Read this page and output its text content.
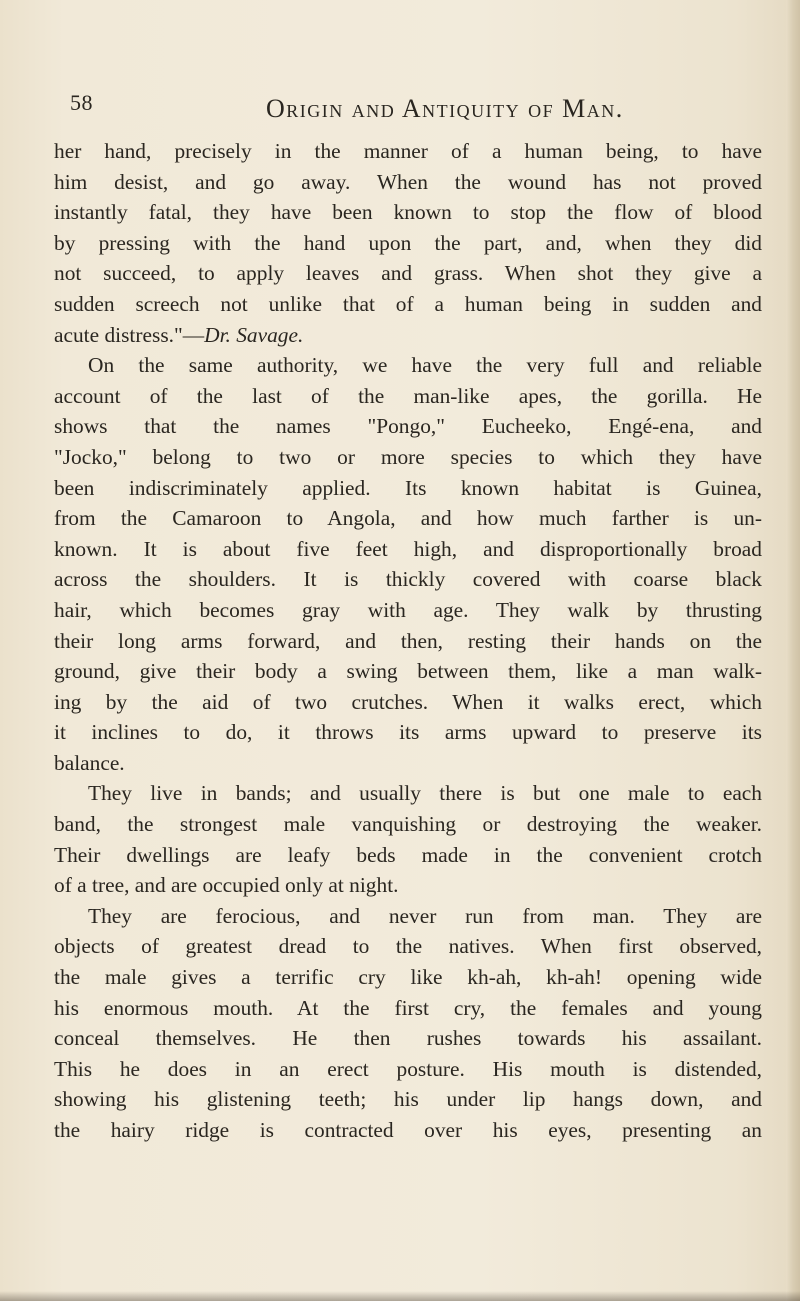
58	Origin and Antiquity of Man.
her hand, precisely in the manner of a human being, to have
him desist, and go away. When the wound has not proved
instantly fatal, they have been known to stop the flow of blood
by pressing with the hand upon the part, and, when they did
not succeed, to apply leaves and grass. When shot they give a
sudden screech not unlike that of a human being in sudden and
acute distress."—Dr. Savage.
On the same authority, we have the very full and reliable
account of the last of the man-like apes, the gorilla. He
shows that the names "Pongo," Eucheeko, Engé-ena, and
"Jocko," belong to two or more species to which they have
been indiscriminately applied. Its known habitat is Guinea,
from the Camaroon to Angola, and how much farther is un-
known. It is about five feet high, and disproportionally broad
across the shoulders. It is thickly covered with coarse black
hair, which becomes gray with age. They walk by thrusting
their long arms forward, and then, resting their hands on the
ground, give their body a swing between them, like a man walk-
ing by the aid of two crutches. When it walks erect, which
it inclines to do, it throws its arms upward to preserve its
balance.
They live in bands; and usually there is but one male to each
band, the strongest male vanquishing or destroying the weaker.
Their dwellings are leafy beds made in the convenient crotch
of a tree, and are occupied only at night.
They are ferocious, and never run from man. They are
objects of greatest dread to the natives. When first observed,
the male gives a terrific cry like kh-ah, kh-ah! opening wide
his enormous mouth. At the first cry, the females and young
conceal themselves. He then rushes towards his assailant.
This he does in an erect posture. His mouth is distended,
showing his glistening teeth; his under lip hangs down, and
the hairy ridge is contracted over his eyes, presenting an
